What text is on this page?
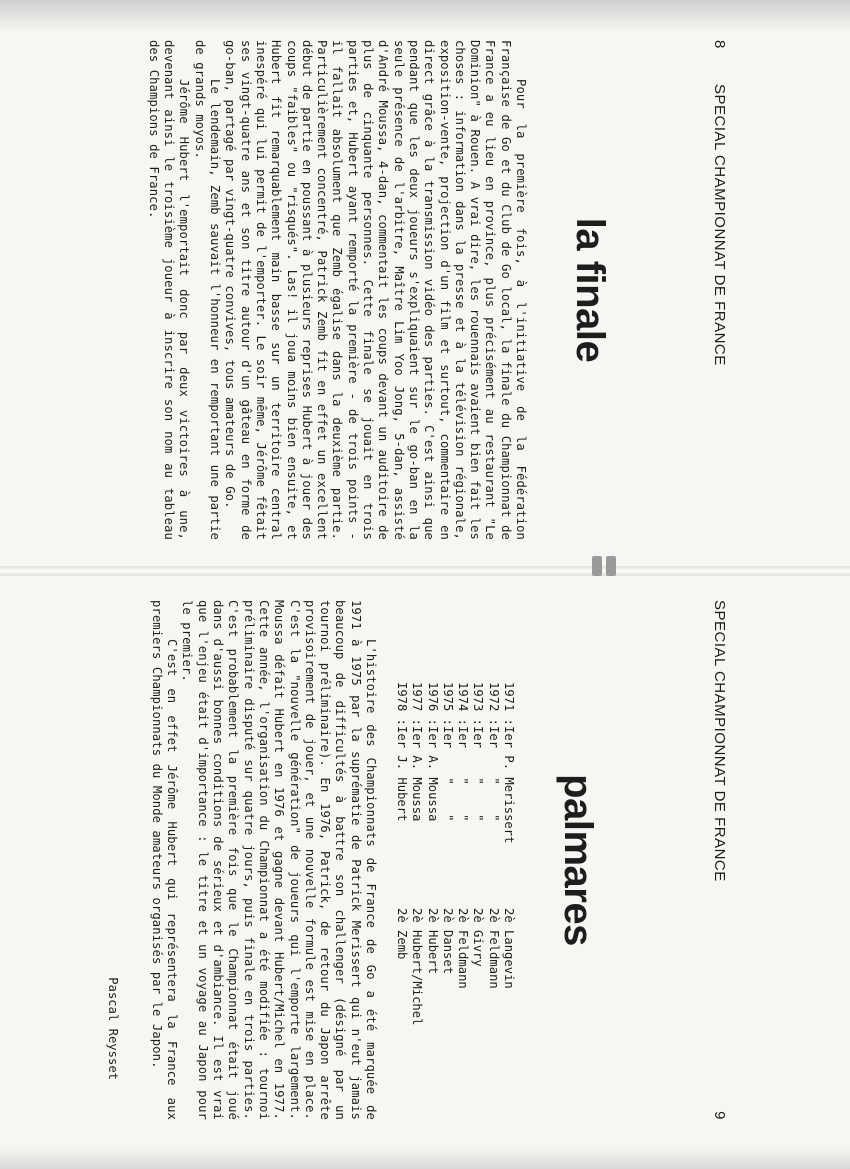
8
SPECIAL CHAMPIONNAT DE FRANCE
la finale

Pour la première fois, à l'initiative de la Fédération Française de Go et du Club de Go local, la finale du Championnat de France a eu lieu en province, plus précisément au restaurant "Le Dominion" à Rouen. A vrai dire, les rouennais avaient bien fait les choses : information dans la presse et à la télévision régionale, exposition-vente, projection d'un film et surtout, commentaire en direct grâce à la transmission vidéo des parties. C'est ainsi que pendant que les deux joueurs s'expliquaient sur le go-ban en la seule présence de l'arbitre, Maître Lim Yoo Jong, 5-dan, assisté d'André Moussa, 4-dan, commentait les coups devant un auditoire de plus de cinquante personnes. Cette finale se jouait en trois parties et, Hubert ayant remporté la première - de trois points - il fallait absolument que Zemb égalise dans la deuxième partie. Particulièrement concentré, Patrick Zemb fit en effet un excellent début de partie en poussant à plusieurs reprises Hubert à jouer des coups "faibles" ou "risqués". Las! il joua moins bien ensuite, et Hubert fit remarquablement main basse sur un territoire central inespéré qui lui permit de l'emporter. Le soir même, Jérôme fêtait ses vingt-quatre ans et son titre autour d'un gâteau en forme de go-ban, partagé par vingt-quatre convives, tous amateurs de Go.

Le lendemain, Zemb sauvait l'honneur en remportant une partie de grands moyos.

Jérôme Hubert l'emportait donc par deux victoires à une, devenant ainsi le troisième joueur à inscrire son nom au tableau des Champions de France.

SPECIAL CHAMPIONNAT DE FRANCE
9
palmares
1971 :	Ier P. Merissert	2è Langevin
1972 :	Ier    "    "	2è Feldmann
1973 :	Ier    "    "	2è Givry
1974 :	Ier    "    "	2è Feldmann
1975 :	Ier    "    "	2è Danset
1976 :	Ier A. Moussa	2è Hubert
1977 :	Ier A. Moussa	2è Hubert/Michel
I978 :	Ier J. Hubert	2è Zemb

L'histoire des Championnats de France de Go a été marquée de 1971 à 1975 par la suprématie de Patrick Merissert qui n'eut jamais beaucoup de difficultés à battre son challenger (désigné par un tournoi préliminaire). En 1976, Patrick, de retour du Japon arrête provisoirement de jouer, et une nouvelle formule est mise en place. C'est la "nouvelle génération" de joueurs qui l'emporte largement. Moussa défait Hubert en 1976 et gagne devant Hubert/Michel en 1977. Cette année, l'organisation du Championnat a été modifiée : tournoi préliminaire disputé sur quatre jours, puis finale en trois parties. C'est probablement la première fois que le Championnat était joué dans d'aussi bonnes conditions de sérieux et d'ambiance. Il est vrai que l'enjeu était d'importance : le titre et un voyage au Japon pour le premier.

C'est en effet Jérôme Hubert qui représentera la France aux premiers Championnats du Monde amateurs organisés par le Japon.

Pascal Reysset
